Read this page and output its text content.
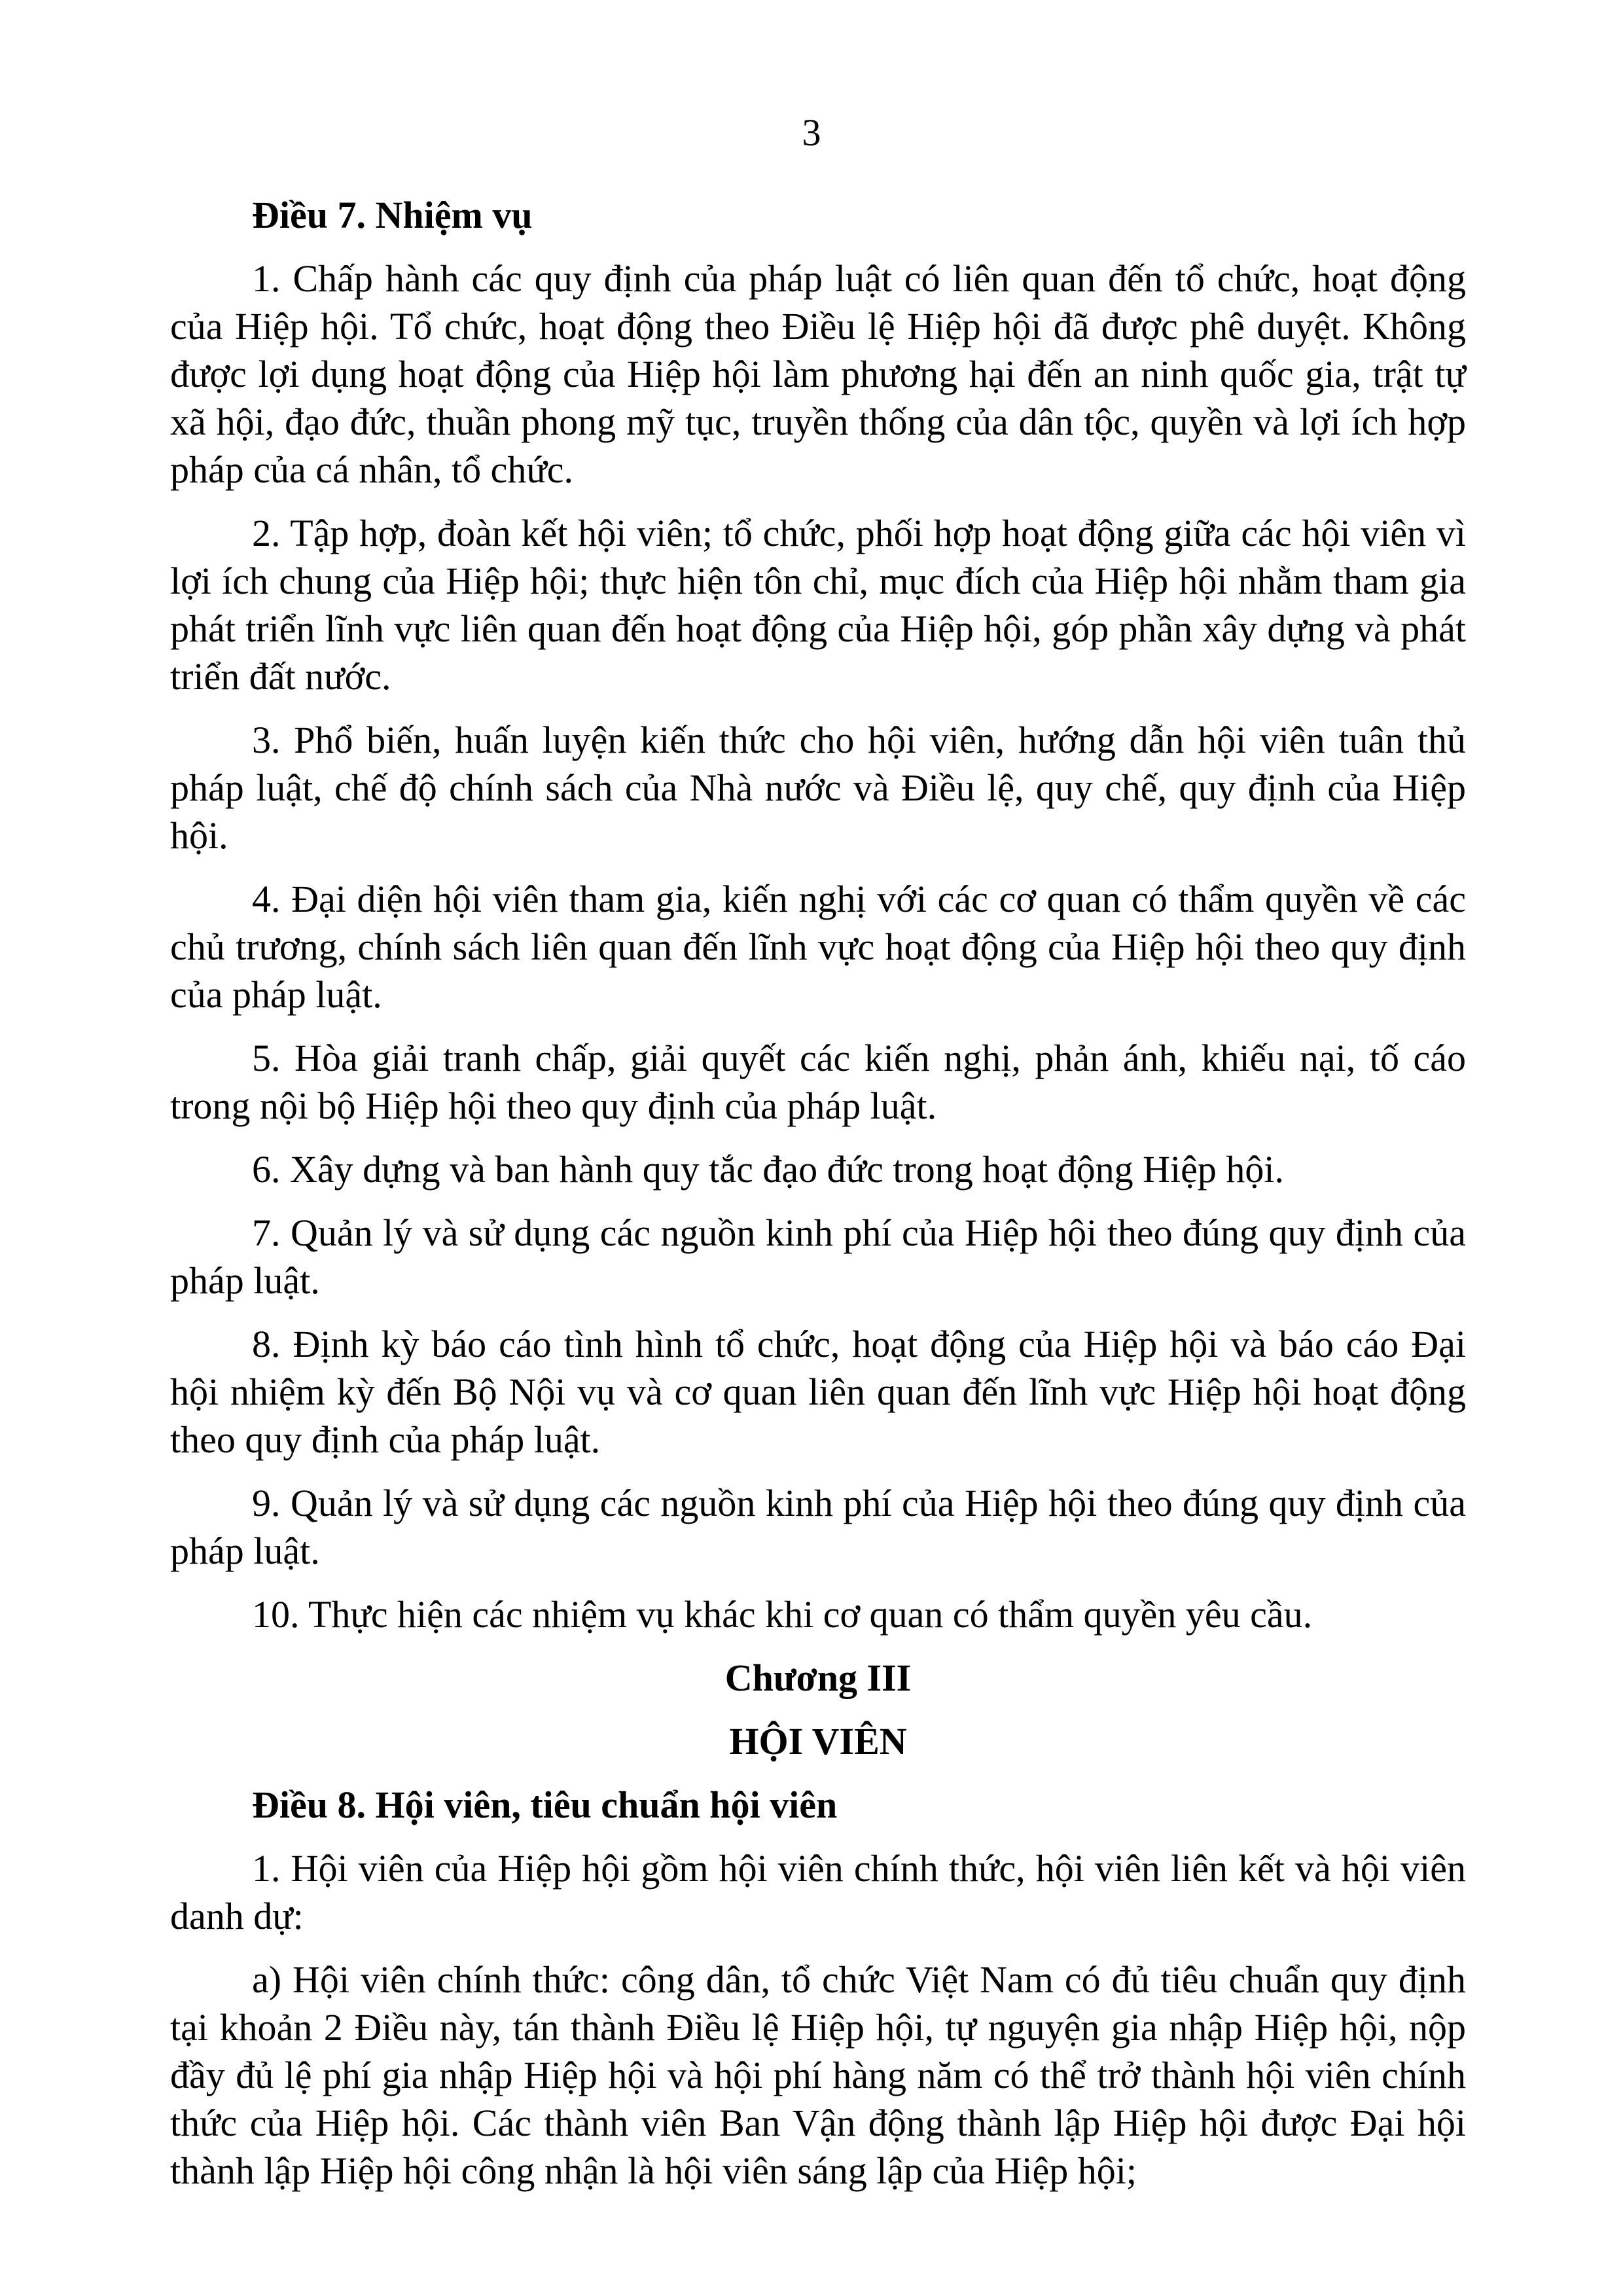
3
Điều 7. Nhiệm vụ

1. Chấp hành các quy định của pháp luật có liên quan đến tổ chức, hoạt động của Hiệp hội. Tổ chức, hoạt động theo Điều lệ Hiệp hội đã được phê duyệt. Không được lợi dụng hoạt động của Hiệp hội làm phương hại đến an ninh quốc gia, trật tự xã hội, đạo đức, thuần phong mỹ tục, truyền thống của dân tộc, quyền và lợi ích hợp pháp của cá nhân, tổ chức.

2. Tập hợp, đoàn kết hội viên; tổ chức, phối hợp hoạt động giữa các hội viên vì lợi ích chung của Hiệp hội; thực hiện tôn chỉ, mục đích của Hiệp hội nhằm tham gia phát triển lĩnh vực liên quan đến hoạt động của Hiệp hội, góp phần xây dựng và phát triển đất nước.

3. Phổ biến, huấn luyện kiến thức cho hội viên, hướng dẫn hội viên tuân thủ pháp luật, chế độ chính sách của Nhà nước và Điều lệ, quy chế, quy định của Hiệp hội.

4. Đại diện hội viên tham gia, kiến nghị với các cơ quan có thẩm quyền về các chủ trương, chính sách liên quan đến lĩnh vực hoạt động của Hiệp hội theo quy định của pháp luật.

5. Hòa giải tranh chấp, giải quyết các kiến nghị, phản ánh, khiếu nại, tố cáo trong nội bộ Hiệp hội theo quy định của pháp luật.

6. Xây dựng và ban hành quy tắc đạo đức trong hoạt động Hiệp hội.

7. Quản lý và sử dụng các nguồn kinh phí của Hiệp hội theo đúng quy định của pháp luật.

8. Định kỳ báo cáo tình hình tổ chức, hoạt động của Hiệp hội và báo cáo Đại hội nhiệm kỳ đến Bộ Nội vụ và cơ quan liên quan đến lĩnh vực Hiệp hội hoạt động theo quy định của pháp luật.

9. Quản lý và sử dụng các nguồn kinh phí của Hiệp hội theo đúng quy định của pháp luật.

10. Thực hiện các nhiệm vụ khác khi cơ quan có thẩm quyền yêu cầu.

Chương III
HỘI VIÊN
Điều 8. Hội viên, tiêu chuẩn hội viên

1. Hội viên của Hiệp hội gồm hội viên chính thức, hội viên liên kết và hội viên danh dự:

a) Hội viên chính thức: công dân, tổ chức Việt Nam có đủ tiêu chuẩn quy định tại khoản 2 Điều này, tán thành Điều lệ Hiệp hội, tự nguyện gia nhập Hiệp hội, nộp đầy đủ lệ phí gia nhập Hiệp hội và hội phí hàng năm có thể trở thành hội viên chính thức của Hiệp hội. Các thành viên Ban Vận động thành lập Hiệp hội được Đại hội thành lập Hiệp hội công nhận là hội viên sáng lập của Hiệp hội;
